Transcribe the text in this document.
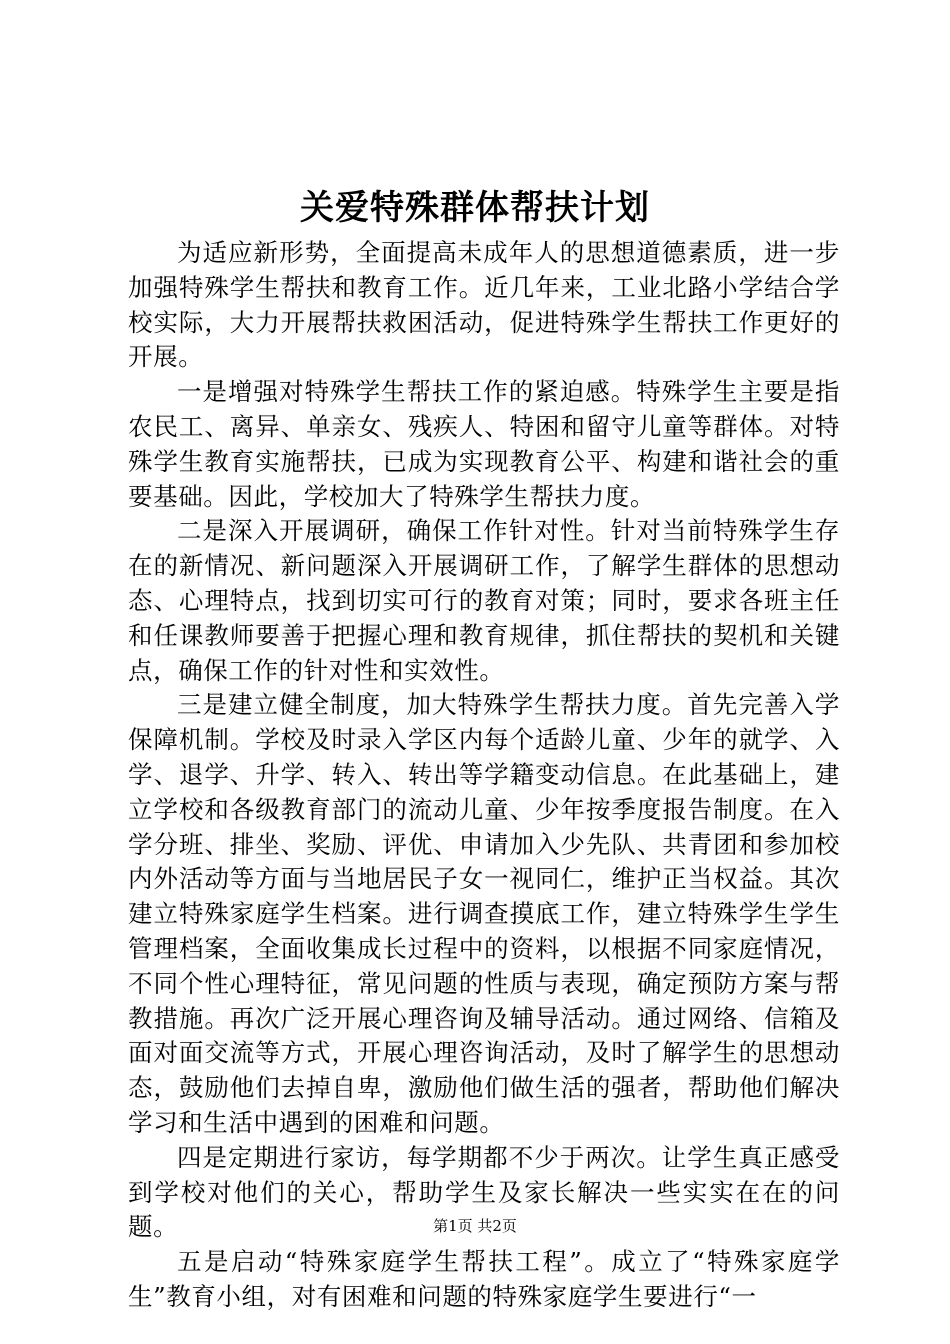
关爱特殊群体帮扶计划

为适应新形势，全面提高未成年人的思想道德素质，进一步加强特殊学生帮扶和教育工作。近几年来，工业北路小学结合学校实际，大力开展帮扶救困活动，促进特殊学生帮扶工作更好的开展。

一是增强对特殊学生帮扶工作的紧迫感。特殊学生主要是指农民工、离异、单亲女、残疾人、特困和留守儿童等群体。对特殊学生教育实施帮扶，已成为实现教育公平、构建和谐社会的重要基础。因此，学校加大了特殊学生帮扶力度。

二是深入开展调研，确保工作针对性。针对当前特殊学生存在的新情况、新问题深入开展调研工作，了解学生群体的思想动态、心理特点，找到切实可行的教育对策；同时，要求各班主任和任课教师要善于把握心理和教育规律，抓住帮扶的契机和关键点，确保工作的针对性和实效性。

三是建立健全制度，加大特殊学生帮扶力度。首先完善入学保障机制。学校及时录入学区内每个适龄儿童、少年的就学、入学、退学、升学、转入、转出等学籍变动信息。在此基础上，建立学校和各级教育部门的流动儿童、少年按季度报告制度。在入学分班、排坐、奖励、评优、申请加入少先队、共青团和参加校内外活动等方面与当地居民子女一视同仁，维护正当权益。其次建立特殊家庭学生档案。进行调查摸底工作，建立特殊学生学生管理档案，全面收集成长过程中的资料，以根据不同家庭情况，不同个性心理特征，常见问题的性质与表现，确定预防方案与帮教措施。再次广泛开展心理咨询及辅导活动。通过网络、信箱及面对面交流等方式，开展心理咨询活动，及时了解学生的思想动态，鼓励他们去掉自卑，激励他们做生活的强者，帮助他们解决学习和生活中遇到的困难和问题。

四是定期进行家访，每学期都不少于两次。让学生真正感受到学校对他们的关心，帮助学生及家长解决一些实实在在的问题。

五是启动“特殊家庭学生帮扶工程”。成立了“特殊家庭学生”教育小组，对有困难和问题的特殊家庭学生要进行“一

第1页 共2页
